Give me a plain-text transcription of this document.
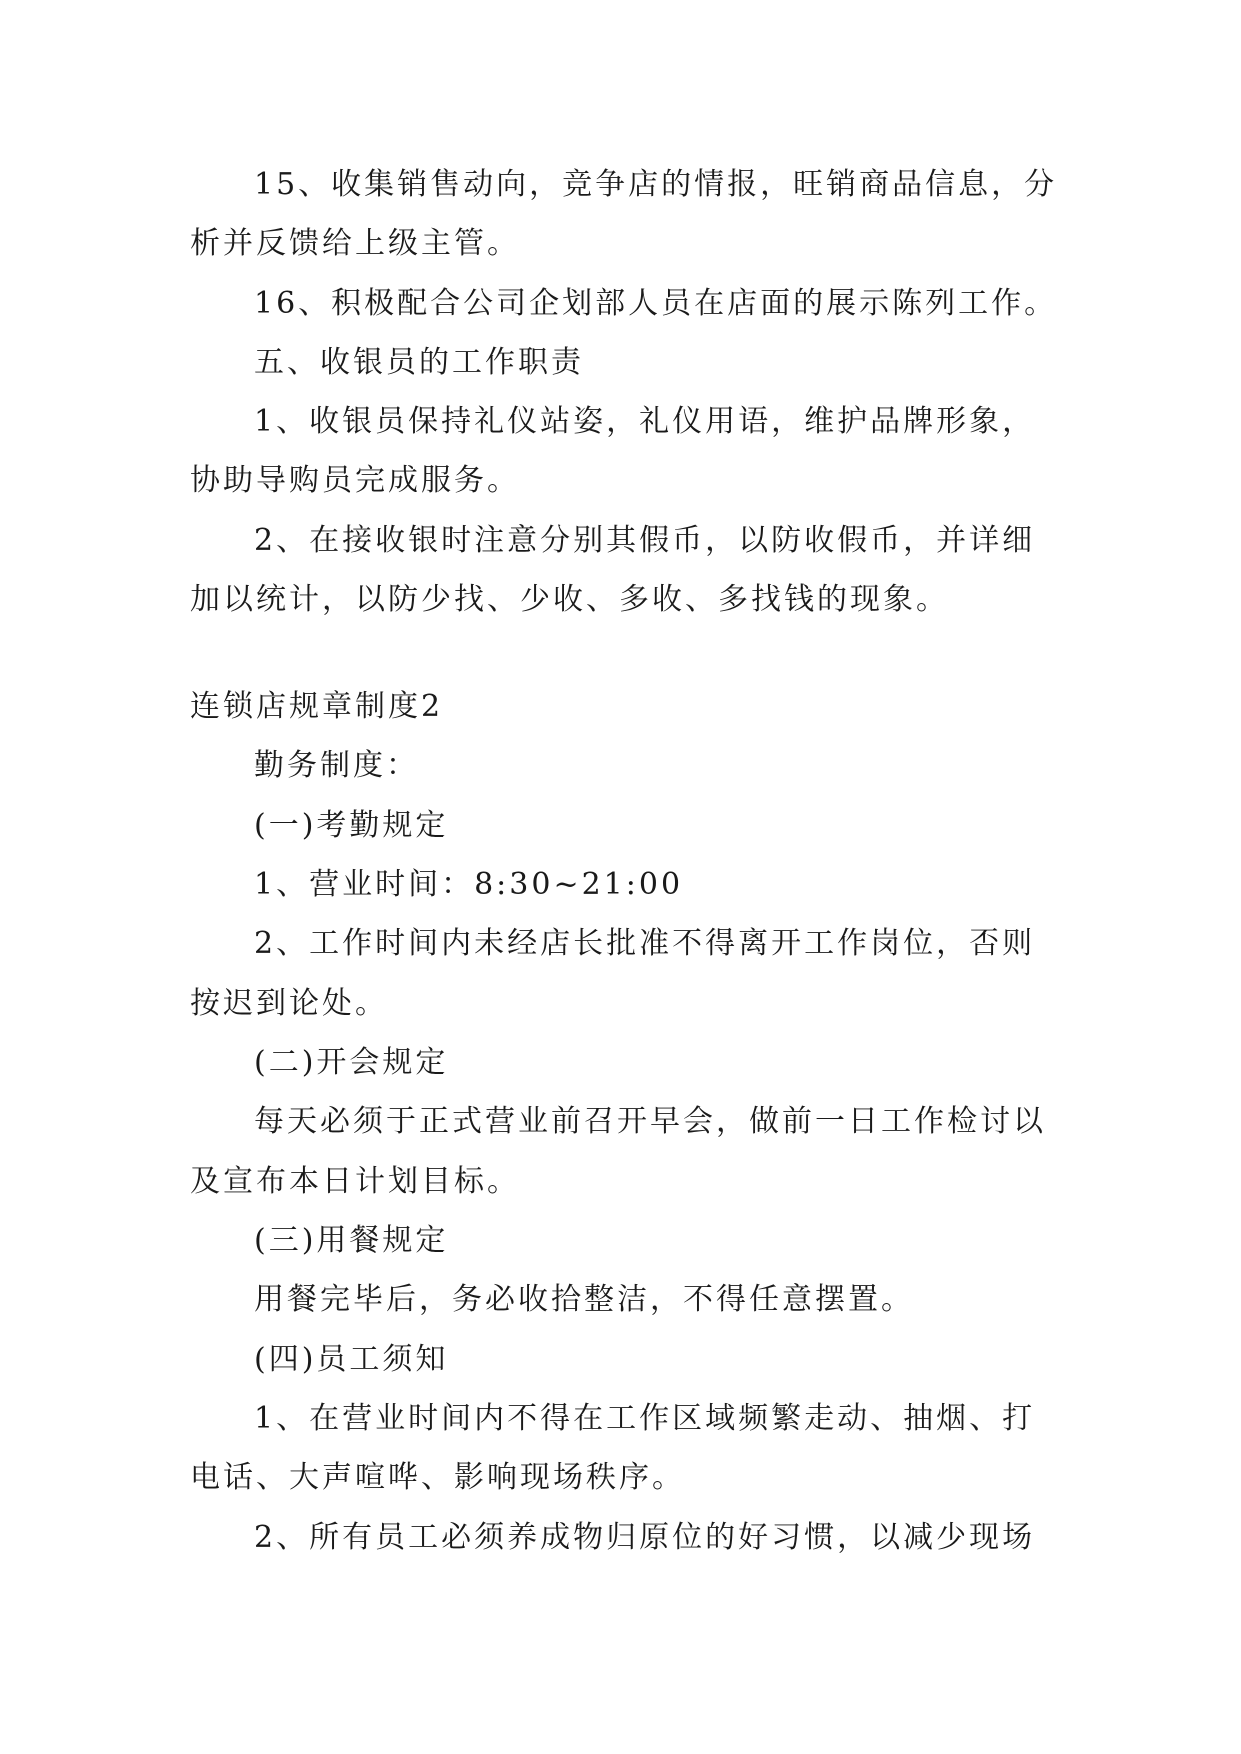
15、收集销售动向，竞争店的情报，旺销商品信息，分

析并反馈给上级主管。

16、积极配合公司企划部人员在店面的展示陈列工作。

五、收银员的工作职责

1、收银员保持礼仪站姿，礼仪用语，维护品牌形象，

协助导购员完成服务。

2、在接收银时注意分别其假币，以防收假币，并详细

加以统计，以防少找、少收、多收、多找钱的现象。

连锁店规章制度2

勤务制度：

(一)考勤规定

1、营业时间：8:30~21:00

2、工作时间内未经店长批准不得离开工作岗位，否则

按迟到论处。

(二)开会规定

每天必须于正式营业前召开早会，做前一日工作检讨以

及宣布本日计划目标。

(三)用餐规定

用餐完毕后，务必收拾整洁，不得任意摆置。

(四)员工须知

1、在营业时间内不得在工作区域频繁走动、抽烟、打

电话、大声喧哗、影响现场秩序。

2、所有员工必须养成物归原位的好习惯，以减少现场
